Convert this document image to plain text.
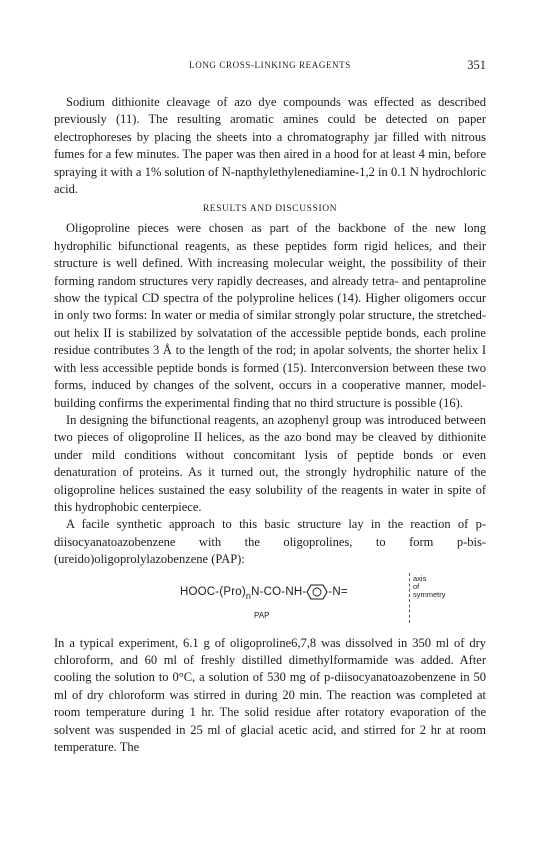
LONG CROSS-LINKING REAGENTS	351

Sodium dithionite cleavage of azo dye compounds was effected as described previously (11). The resulting aromatic amines could be detected on paper electrophoreses by placing the sheets into a chromatography jar filled with nitrous fumes for a few minutes. The paper was then aired in a hood for at least 4 min, before spraying it with a 1% solution of N-napthylethylenediamine-1,2 in 0.1 N hydrochloric acid.

RESULTS AND DISCUSSION

Oligoproline pieces were chosen as part of the backbone of the new long hydrophilic bifunctional reagents, as these peptides form rigid helices, and their structure is well defined. With increasing molecular weight, the possibility of their forming random structures very rapidly decreases, and already tetra- and pentaproline show the typical CD spectra of the polyproline helices (14). Higher oligomers occur in only two forms: In water or media of similar strongly polar structure, the stretched-out helix II is stabilized by solvatation of the accessible peptide bonds, each proline residue contributes 3 Å to the length of the rod; in apolar solvents, the shorter helix I with less accessible peptide bonds is formed (15). Interconversion between these two forms, induced by changes of the solvent, occurs in a cooperative manner, model-building confirms the experimental finding that no third structure is possible (16).

In designing the bifunctional reagents, an azophenyl group was introduced between two pieces of oligoproline II helices, as the azo bond may be cleaved by dithionite under mild conditions without concomitant lysis of peptide bonds or even denaturation of proteins. As it turned out, the strongly hydrophilic nature of the oligoproline helices sustained the easy solubility of the reagents in water in spite of this hydrophobic centerpiece.

A facile synthetic approach to this basic structure lay in the reaction of p-diisocyanatoazobenzene with the oligoprolines, to form p-bis-(ureido)oligoprolylazobenzene (PAP):

HOOC-$(Pro)_nN-CO-NH-$ -N=
PAP
axis
of
symmetry

In a typical experiment, 6.1 g of oligoproline6,7,8 was dissolved in 350 ml of dry chloroform, and 60 ml of freshly distilled dimethylformamide was added. After cooling the solution to 0°C, a solution of 530 mg of p-diisocyanatoazobenzene in 50 ml of dry chloroform was stirred in during 20 min. The reaction was completed at room temperature during 1 hr. The solid residue after rotatory evaporation of the solvent was suspended in 25 ml of glacial acetic acid, and stirred for 2 hr at room temperature. The
